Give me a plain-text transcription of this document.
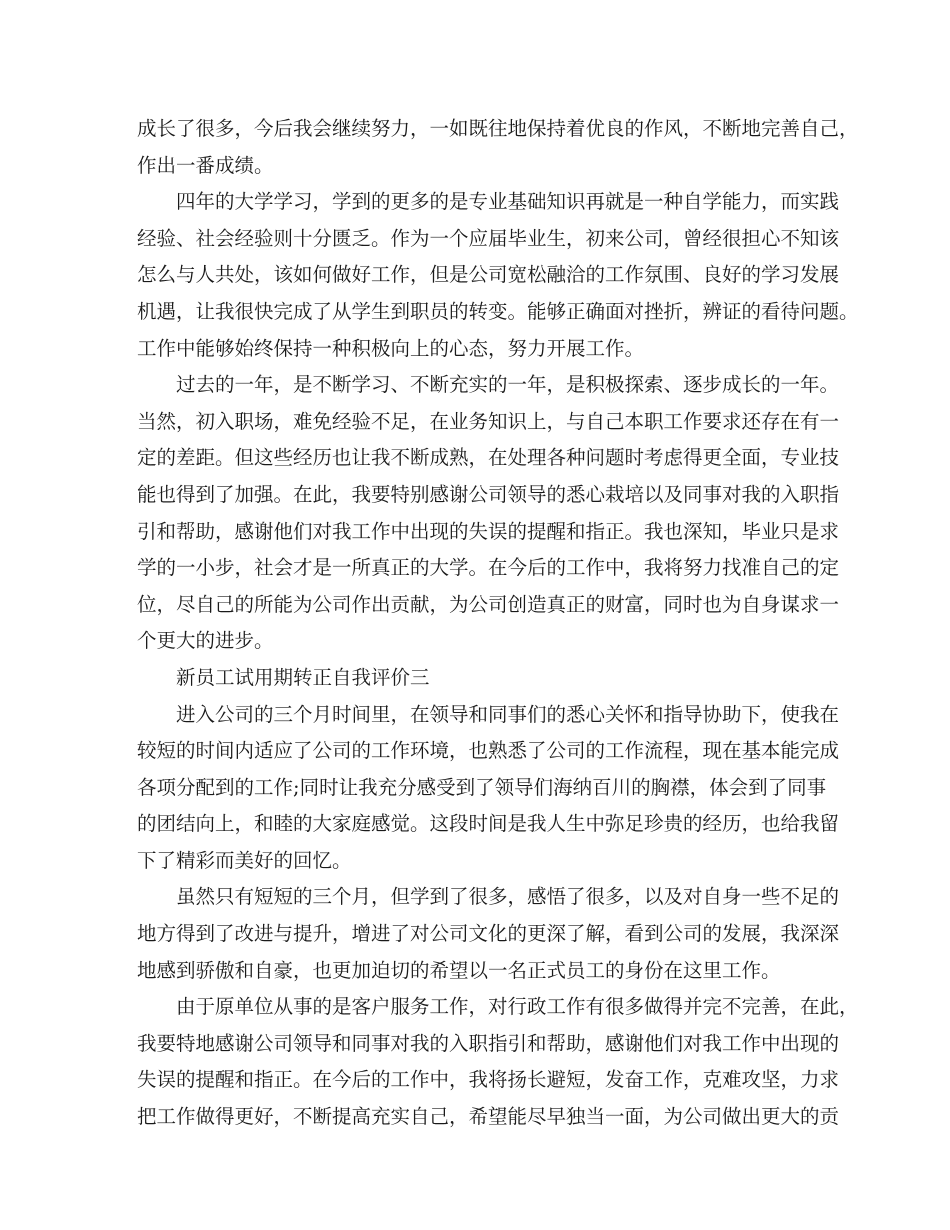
成长了很多，今后我会继续努力，一如既往地保持着优良的作风，不断地完善自己，
作出一番成绩。
四年的大学学习，学到的更多的是专业基础知识再就是一种自学能力，而实践
经验、社会经验则十分匮乏。作为一个应届毕业生，初来公司，曾经很担心不知该
怎么与人共处，该如何做好工作，但是公司宽松融洽的工作氛围、良好的学习发展
机遇，让我很快完成了从学生到职员的转变。能够正确面对挫折，辨证的看待问题。
工作中能够始终保持一种积极向上的心态，努力开展工作。
过去的一年，是不断学习、不断充实的一年，是积极探索、逐步成长的一年。
当然，初入职场，难免经验不足，在业务知识上，与自己本职工作要求还存在有一
定的差距。但这些经历也让我不断成熟，在处理各种问题时考虑得更全面，专业技
能也得到了加强。在此，我要特别感谢公司领导的悉心栽培以及同事对我的入职指
引和帮助，感谢他们对我工作中出现的失误的提醒和指正。我也深知，毕业只是求
学的一小步，社会才是一所真正的大学。在今后的工作中，我将努力找准自己的定
位，尽自己的所能为公司作出贡献，为公司创造真正的财富，同时也为自身谋求一
个更大的进步。
新员工试用期转正自我评价三
进入公司的三个月时间里，在领导和同事们的悉心关怀和指导协助下，使我在
较短的时间内适应了公司的工作环境，也熟悉了公司的工作流程，现在基本能完成
各项分配到的工作;同时让我充分感受到了领导们海纳百川的胸襟，体会到了同事
的团结向上，和睦的大家庭感觉。这段时间是我人生中弥足珍贵的经历，也给我留
下了精彩而美好的回忆。
虽然只有短短的三个月，但学到了很多，感悟了很多，以及对自身一些不足的
地方得到了改进与提升，增进了对公司文化的更深了解，看到公司的发展，我深深
地感到骄傲和自豪，也更加迫切的希望以一名正式员工的身份在这里工作。
由于原单位从事的是客户服务工作，对行政工作有很多做得并完不完善，在此，
我要特地感谢公司领导和同事对我的入职指引和帮助，感谢他们对我工作中出现的
失误的提醒和指正。在今后的工作中，我将扬长避短，发奋工作，克难攻坚，力求
把工作做得更好，不断提高充实自己，希望能尽早独当一面，为公司做出更大的贡
